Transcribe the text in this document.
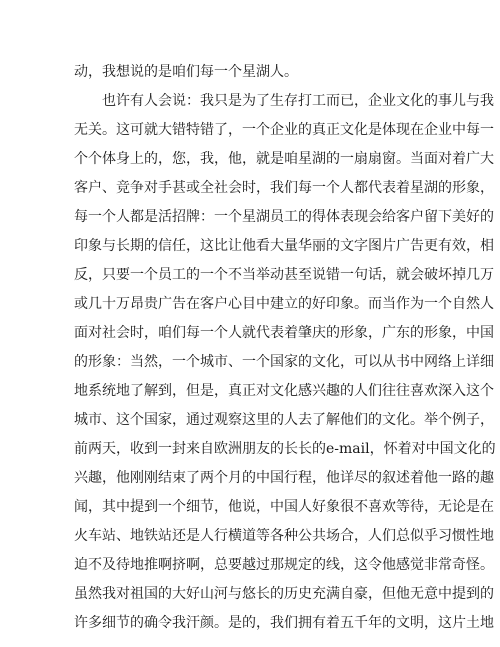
动，我想说的是咱们每一个星湖人。
也许有人会说：我只是为了生存打工而已，企业文化的事儿与我
无关。这可就大错特错了，一个企业的真正文化是体现在企业中每一
个个体身上的，您，我，他，就是咱星湖的一扇扇窗。当面对着广大
客户、竞争对手甚或全社会时，我们每一个人都代表着星湖的形象，
每一个人都是活招牌：一个星湖员工的得体表现会给客户留下美好的
印象与长期的信任，这比让他看大量华丽的文字图片广告更有效，相
反，只要一个员工的一个不当举动甚至说错一句话，就会破坏掉几万
或几十万昂贵广告在客户心目中建立的好印象。而当作为一个自然人
面对社会时，咱们每一个人就代表着肇庆的形象，广东的形象，中国
的形象：当然，一个城市、一个国家的文化，可以从书中网络上详细
地系统地了解到，但是，真正对文化感兴趣的人们往往喜欢深入这个
城市、这个国家，通过观察这里的人去了解他们的文化。举个例子，
前两天，收到一封来自欧洲朋友的长长的e-mail，怀着对中国文化的
兴趣，他刚刚结束了两个月的中国行程，他详尽的叙述着他一路的趣
闻，其中提到一个细节，他说，中国人好象很不喜欢等待，无论是在
火车站、地铁站还是人行横道等各种公共场合，人们总似乎习惯性地
迫不及待地推啊挤啊，总要越过那规定的线，这令他感觉非常奇怪。
虽然我对祖国的大好山河与悠长的历史充满自豪，但他无意中提到的
许多细节的确令我汗颜。是的，我们拥有着五千年的文明，这片土地
